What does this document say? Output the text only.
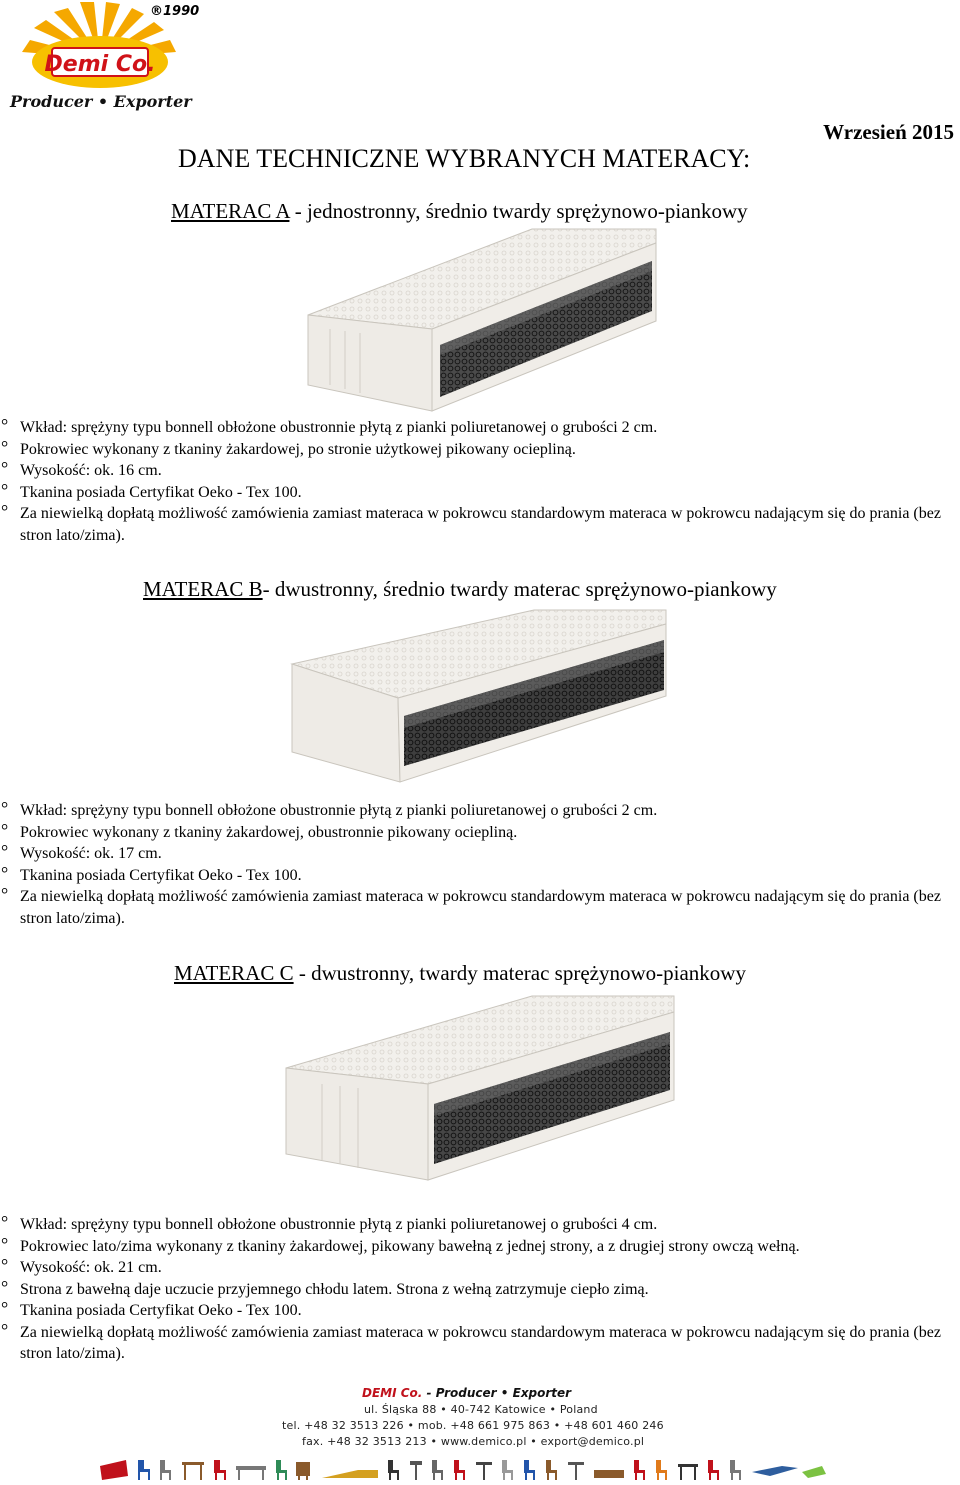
Demi Co.
®1990
Producer • Exporter
Wrzesień 2015
DANE TECHNICZNE WYBRANYCH MATERACY:
MATERAC A - jednostronny, średnio twardy sprężynowo-piankowy
° Wkład: sprężyny typu bonnell obłożone obustronnie płytą z pianki poliuretanowej o grubości 2 cm.
° Pokrowiec wykonany z tkaniny żakardowej, po stronie użytkowej pikowany ociepliną.
° Wysokość: ok. 16 cm.
° Tkanina posiada Certyfikat Oeko - Tex 100.
° Za niewielką dopłatą możliwość zamówienia zamiast materaca w pokrowcu standardowym materaca w pokrowcu nadającym się do prania (bez stron lato/zima).
MATERAC B- dwustronny, średnio twardy materac sprężynowo-piankowy
° Wkład: sprężyny typu bonnell obłożone obustronnie płytą z pianki poliuretanowej o grubości 2 cm.
° Pokrowiec wykonany z tkaniny żakardowej, obustronnie pikowany ociepliną.
° Wysokość: ok. 17 cm.
° Tkanina posiada Certyfikat Oeko - Tex 100.
° Za niewielką dopłatą możliwość zamówienia zamiast materaca w pokrowcu standardowym materaca w pokrowcu nadającym się do prania (bez stron lato/zima).
MATERAC C - dwustronny, twardy materac sprężynowo-piankowy
° Wkład: sprężyny typu bonnell obłożone obustronnie płytą z pianki poliuretanowej o grubości 4 cm.
° Pokrowiec lato/zima wykonany z tkaniny żakardowej, pikowany bawełną z jednej strony, a z drugiej strony owczą wełną.
° Wysokość: ok. 21 cm.
° Strona z bawełną daje uczucie przyjemnego chłodu latem. Strona z wełną zatrzymuje ciepło zimą.
° Tkanina posiada Certyfikat Oeko - Tex 100.
° Za niewielką dopłatą możliwość zamówienia zamiast materaca w pokrowcu standardowym materaca w pokrowcu nadającym się do prania (bez stron lato/zima).
DEMI Co. - Producer • Exporter
ul. Śląska 88 • 40-742 Katowice • Poland
tel. +48 32 3513 226 • mob. +48 661 975 863 • +48 601 460 246
fax. +48 32 3513 213 • www.demico.pl • export@demico.pl
